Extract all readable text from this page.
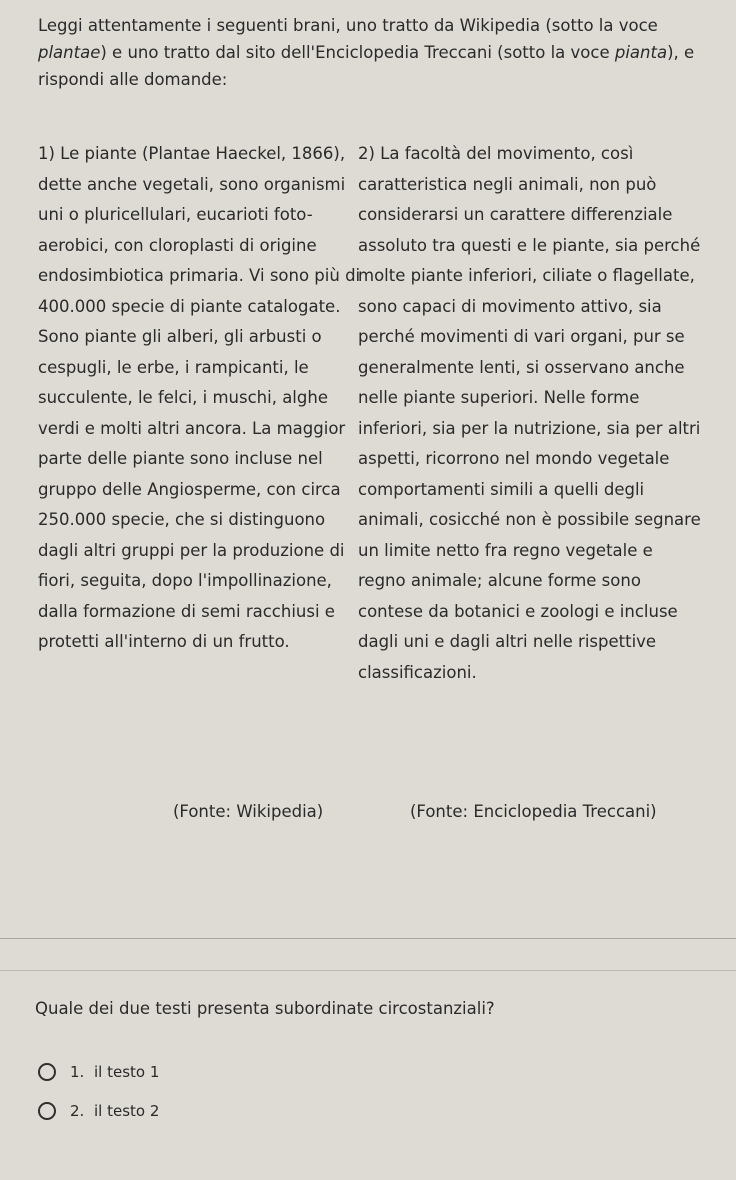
Leggi attentamente i seguenti brani, uno tratto da Wikipedia (sotto la voce plantae) e uno tratto dal sito dell'Enciclopedia Treccani (sotto la voce pianta), e rispondi alle domande:

1) Le piante (Plantae Haeckel, 1866), dette anche vegetali, sono organismi uni o pluricellulari, eucarioti foto-aerobici, con cloroplasti di origine endosimbiotica primaria. Vi sono più di 400.000 specie di piante catalogate. Sono piante gli alberi, gli arbusti o cespugli, le erbe, i rampicanti, le succulente, le felci, i muschi, alghe verdi e molti altri ancora. La maggior parte delle piante sono incluse nel gruppo delle Angiosperme, con circa 250.000 specie, che si distinguono dagli altri gruppi per la produzione di fiori, seguita, dopo l'impollinazione, dalla formazione di semi racchiusi e protetti all'interno di un frutto.

2) La facoltà del movimento, così caratteristica negli animali, non può considerarsi un carattere differenziale assoluto tra questi e le piante, sia perché molte piante inferiori, ciliate o flagellate, sono capaci di movimento attivo, sia perché movimenti di vari organi, pur se generalmente lenti, si osservano anche nelle piante superiori. Nelle forme inferiori, sia per la nutrizione, sia per altri aspetti, ricorrono nel mondo vegetale comportamenti simili a quelli degli animali, cosicché non è possibile segnare un limite netto fra regno vegetale e regno animale; alcune forme sono contese da botanici e zoologi e incluse dagli uni e dagli altri nelle rispettive classificazioni.

(Fonte: Wikipedia)	(Fonte: Enciclopedia Treccani)

Quale dei due testi presenta subordinate circostanziali?

1. il testo 1
2. il testo 2
